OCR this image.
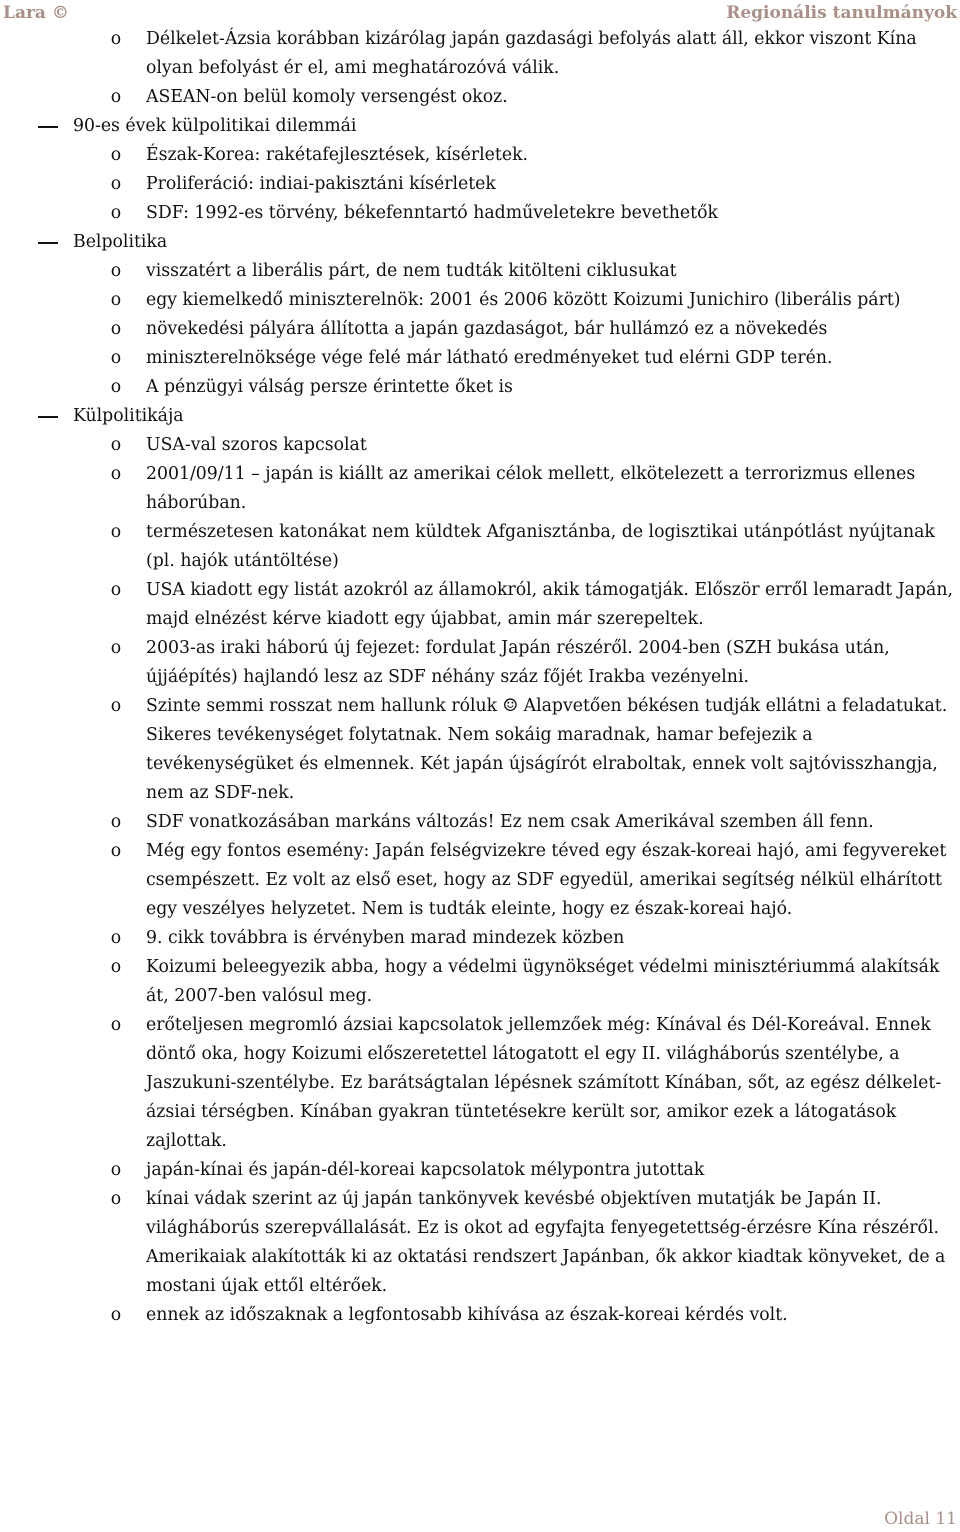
Lara ©	Regionális tanulmányok
o Délkelet-Ázsia korábban kizárólag japán gazdasági befolyás alatt áll, ekkor viszont Kína olyan befolyást ér el, ami meghatározóvá válik.
o ASEAN-on belül komoly versengést okoz.
90-es évek külpolitikai dilemmái
o Észak-Korea: rakétafejlesztések, kísérletek.
o Proliferáció: indiai-pakisztáni kísérletek
o SDF: 1992-es törvény, békefenntartó hadműveletekre bevethetők
Belpolitika
o visszatért a liberális párt, de nem tudták kitölteni ciklusukat
o egy kiemelkedő miniszterelnök: 2001 és 2006 között Koizumi Junichiro (liberális párt)
o növekedési pályára állította a japán gazdaságot, bár hullámzó ez a növekedés
o miniszterelnöksége vége felé már látható eredményeket tud elérni GDP terén.
o A pénzügyi válság persze érintette őket is
Külpolitikája
o USA-val szoros kapcsolat
o 2001/09/11 – japán is kiállt az amerikai célok mellett, elkötelezett a terrorizmus ellenes háborúban.
o természetesen katonákat nem küldtek Afganisztánba, de logisztikai utánpótlást nyújtanak (pl. hajók utántöltése)
o USA kiadott egy listát azokról az államokról, akik támogatják. Először erről lemaradt Japán, majd elnézést kérve kiadott egy újabbat, amin már szerepeltek.
o 2003-as iraki háború új fejezet: fordulat Japán részéről. 2004-ben (SZH bukása után, újjáépítés) hajlandó lesz az SDF néhány száz főjét Irakba vezényelni.
o Szinte semmi rosszat nem hallunk róluk ☺ Alapvetően békésen tudják ellátni a feladatukat. Sikeres tevékenységet folytatnak. Nem sokáig maradnak, hamar befejezik a tevékenységüket és elmennek. Két japán újságírót elraboltak, ennek volt sajtóvisszhangja, nem az SDF-nek.
o SDF vonatkozásában markáns változás! Ez nem csak Amerikával szemben áll fenn.
o Még egy fontos esemény: Japán felségvizekre téved egy észak-koreai hajó, ami fegyvereket csempészett. Ez volt az első eset, hogy az SDF egyedül, amerikai segítség nélkül elhárított egy veszélyes helyzetet. Nem is tudták eleinte, hogy ez észak-koreai hajó.
o 9. cikk továbbra is érvényben marad mindezek közben
o Koizumi beleegyezik abba, hogy a védelmi ügynökséget védelmi minisztériummá alakítsák át, 2007-ben valósul meg.
o erőteljesen megromló ázsiai kapcsolatok jellemzőek még: Kínával és Dél-Koreával. Ennek döntő oka, hogy Koizumi előszeretettel látogatott el egy II. világháborús szentélybe, a Jaszukuni-szentélybe. Ez barátságtalan lépésnek számított Kínában, sőt, az egész délkelet-ázsiai térségben. Kínában gyakran tüntetésekre került sor, amikor ezek a látogatások zajlottak.
o japán-kínai és japán-dél-koreai kapcsolatok mélypontra jutottak
o kínai vádak szerint az új japán tankönyvek kevésbé objektíven mutatják be Japán II. világháborús szerepvállalását. Ez is okot ad egyfajta fenyegetettség-érzésre Kína részéről. Amerikaiak alakították ki az oktatási rendszert Japánban, ők akkor kiadtak könyveket, de a mostani újak ettől eltérőek.
o ennek az időszaknak a legfontosabb kihívása az észak-koreai kérdés volt.
Oldal 11
